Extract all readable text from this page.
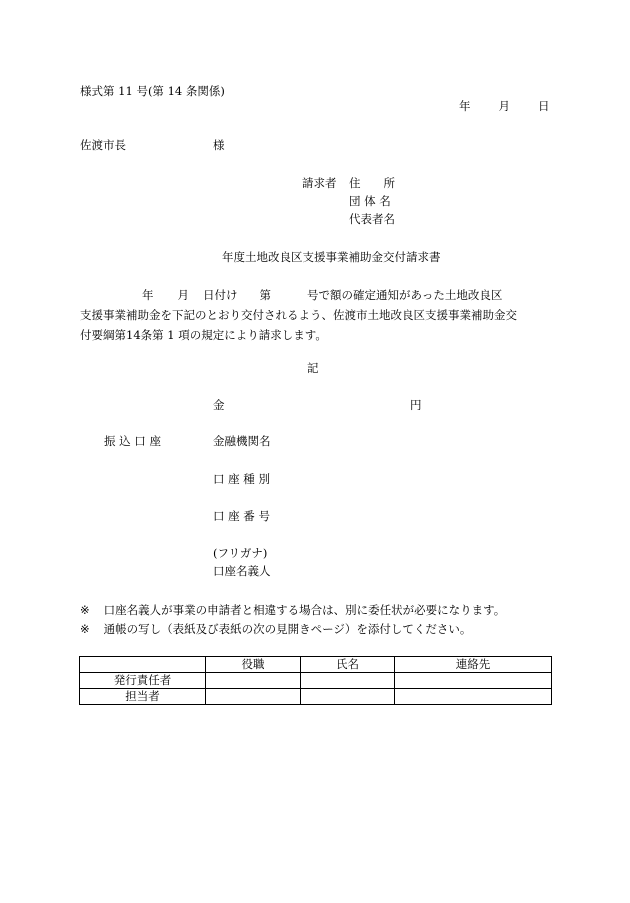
様式第 11 号(第 14 条関係)
年 月 日
佐渡市長	様
請求者 住　　所
団 体 名
代表者名
年度土地改良区支援事業補助金交付請求書
年 月 日付け 第	号で額の確定通知があった土地改良区
支援事業補助金を下記のとおり交付されるよう、佐渡市土地改良区支援事業補助金交
付要綱第14条第 1 項の規定により請求します。
記
金	円
振 込 口 座	金融機関名
口 座 種 別
口 座 番 号
(フリガナ)
口座名義人
※ 口座名義人が事業の申請者と相違する場合は、別に委任状が必要になります。
※ 通帳の写し（表紙及び表紙の次の見開きページ）を添付してください。
	役職	氏名	連絡先
発行責任者			
担当者			
